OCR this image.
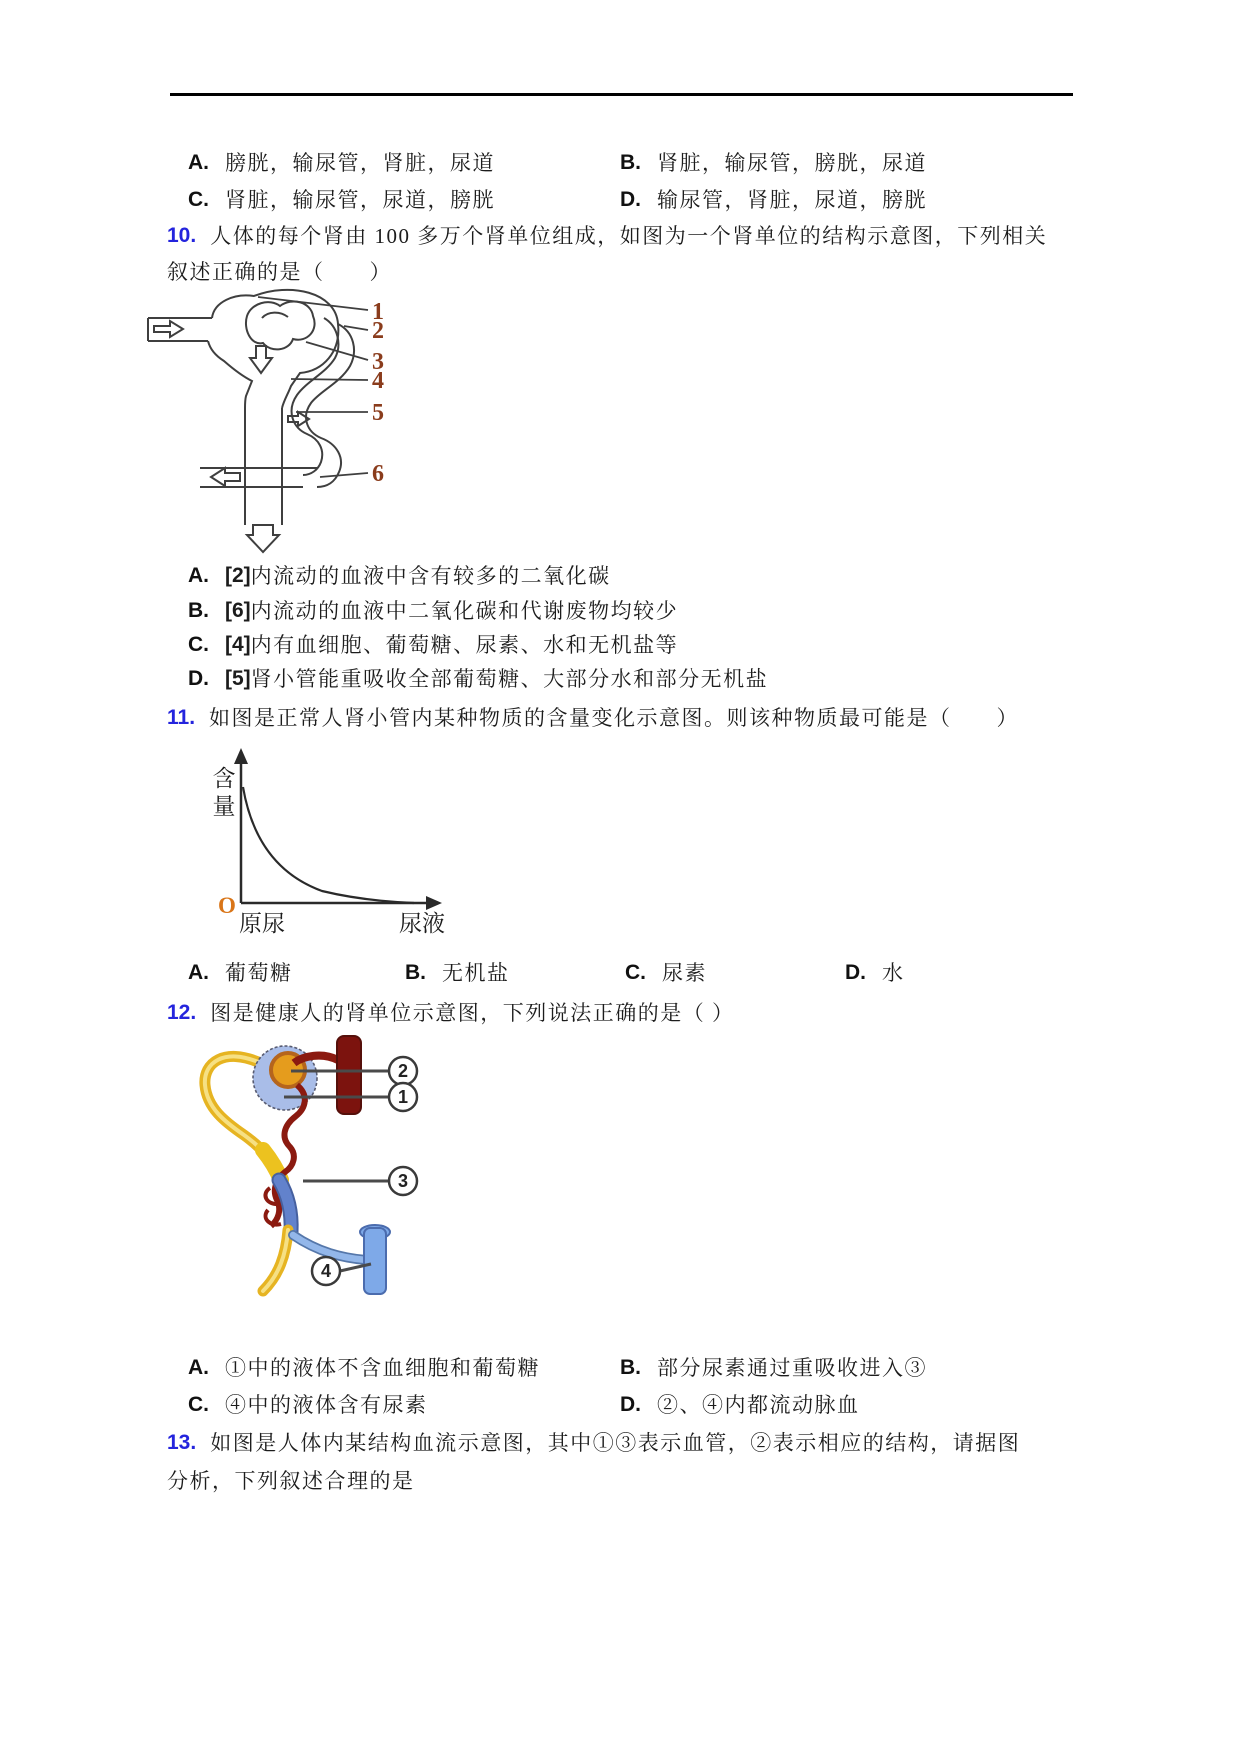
A. 膀胱，输尿管，肾脏，尿道	B. 肾脏，输尿管，膀胱，尿道
C. 肾脏，输尿管，尿道，膀胱	D. 输尿管，肾脏，尿道，膀胱
10. 人体的每个肾由 100 多万个肾单位组成，如图为一个肾单位的结构示意图，下列相关
叙述正确的是（　　）
1
2
3
4
5
6
A. [2] 内流动的血液中含有较多的二氧化碳
B. [6] 内流动的血液中二氧化碳和代谢废物均较少
C. [4] 内有血细胞、葡萄糖、尿素、水和无机盐等
D. [5] 肾小管能重吸收全部葡萄糖、大部分水和部分无机盐
11. 如图是正常人肾小管内某种物质的含量变化示意图。则该种物质最可能是（　　）
含
量
O
原尿	尿液
A. 葡萄糖	B. 无机盐	C. 尿素	D. 水
12. 图是健康人的肾单位示意图，下列说法正确的是（ ）
2
1
3
4
A. ①中的液体不含血细胞和葡萄糖	B. 部分尿素通过重吸收进入③
C. ④中的液体含有尿素	D. ②、④内都流动脉血
13. 如图是人体内某结构血流示意图，其中①③表示血管，②表示相应的结构，请据图
分析，下列叙述合理的是
